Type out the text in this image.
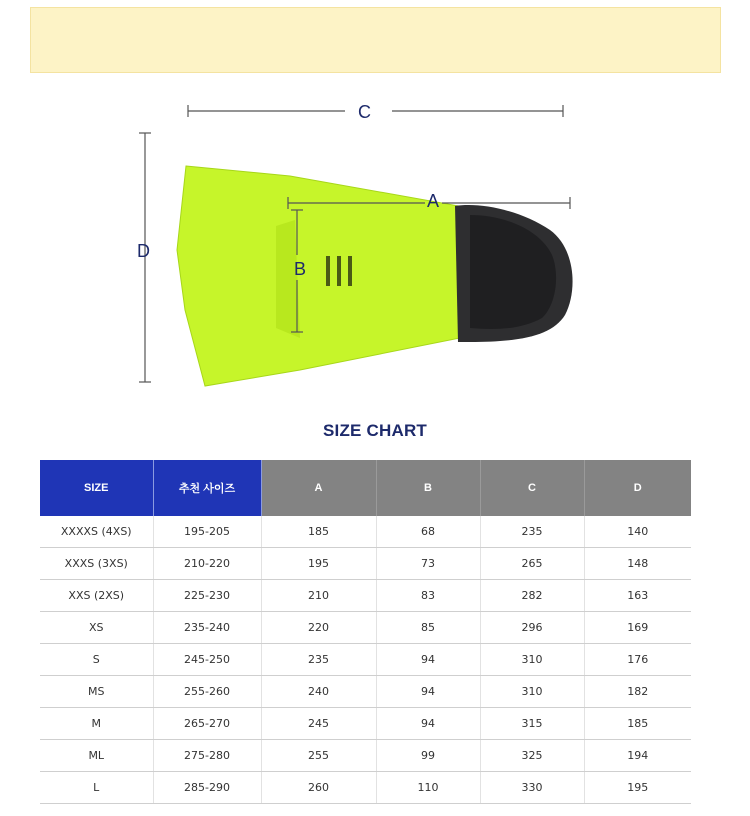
C
A
B
D
SIZE CHART
SIZE	추천 사이즈	A	B	C	D
XXXXS (4XS)	195-205	185	68	235	140
XXXS (3XS)	210-220	195	73	265	148
XXS (2XS)	225-230	210	83	282	163
XS	235-240	220	85	296	169
S	245-250	235	94	310	176
MS	255-260	240	94	310	182
M	265-270	245	94	315	185
ML	275-280	255	99	325	194
L	285-290	260	110	330	195
